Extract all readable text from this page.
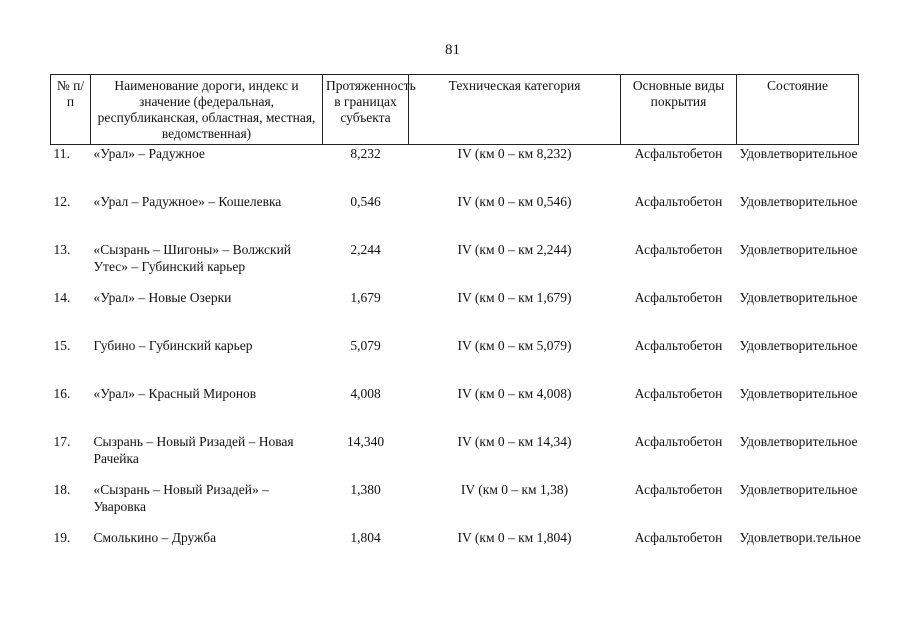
81
№ п/п	Наименование дороги, индекс и значение (федеральная, республиканская, областная, местная, ведомственная)	Протяженность в границах субъекта	Техническая категория	Основные виды покрытия	Состояние
11.	«Урал» – Радужное	8,232	IV (км 0 – км 8,232)	Асфальтобетон	Удовлетворительное
12.	«Урал – Радужное» – Кошелевка	0,546	IV (км 0 – км 0,546)	Асфальтобетон	Удовлетворительное
13.	«Сызрань – Шигоны» – Волжский Утес» – Губинский карьер	2,244	IV (км 0 – км 2,244)	Асфальтобетон	Удовлетворительное
14.	«Урал» – Новые Озерки	1,679	IV (км 0 – км 1,679)	Асфальтобетон	Удовлетворительное
15.	Губино – Губинский карьер	5,079	IV (км 0 – км 5,079)	Асфальтобетон	Удовлетворительное
16.	«Урал» – Красный Миронов	4,008	IV (км 0 – км 4,008)	Асфальтобетон	Удовлетворительное
17.	Сызрань – Новый Ризадей – Новая Рачейка	14,340	IV (км 0 – км 14,34)	Асфальтобетон	Удовлетворительное
18.	«Сызрань – Новый Ризадей» – Уваровка	1,380	IV (км 0 – км 1,38)	Асфальтобетон	Удовлетворительное
19.	Смолькино – Дружба	1,804	IV (км 0 – км 1,804)	Асфальтобетон	Удовлетвори.тельное
